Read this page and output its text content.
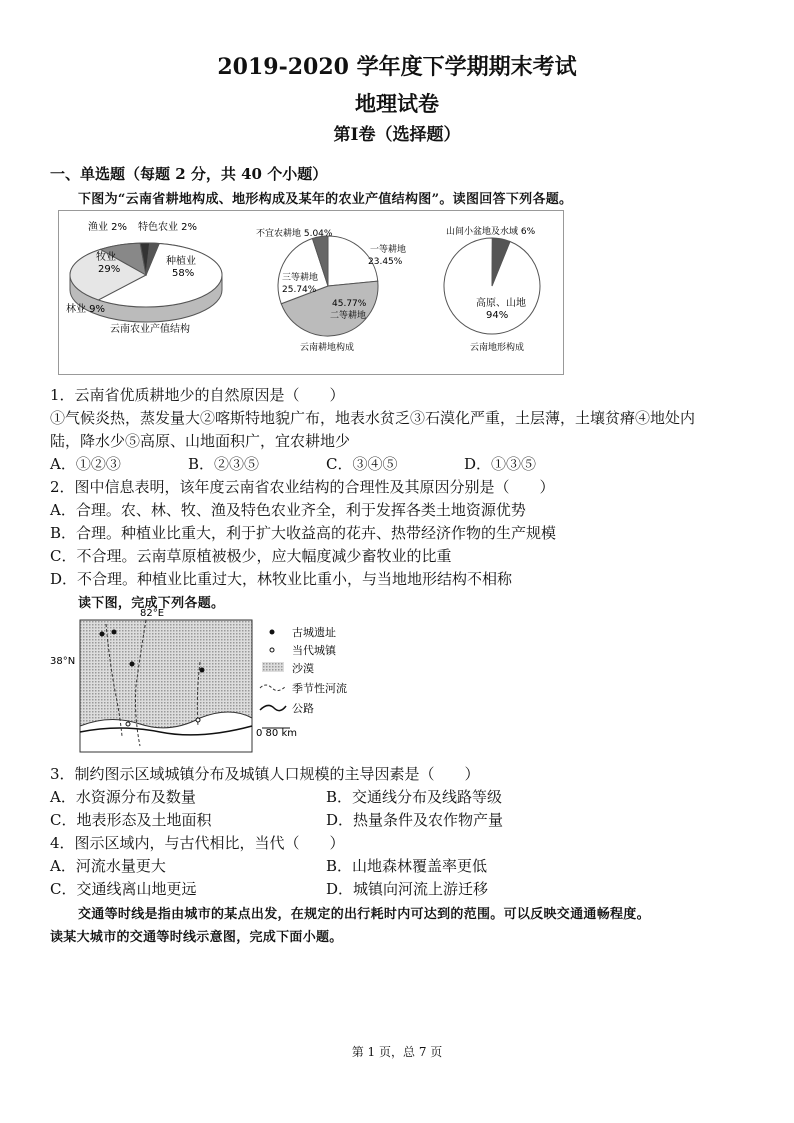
2019-2020 学年度下学期期末考试
地理试卷
第Ⅰ卷（选择题）
一、单选题（每题 2 分，共 40 个小题）
下图为“云南省耕地构成、地形构成及某年的农业产值结构图”。读图回答下列各题。
渔业 2% 特色农业 2%
牧业
29%
种植业
58%
林业 9%
云南农业产值结构
不宜农耕地 5.04%
一等耕地
23.45%
三等耕地
25.74%
45.77%
二等耕地
云南耕地构成
山间小盆地及水域 6%
高原、山地
94%
云南地形构成
1．云南省优质耕地少的自然原因是（　　）
①气候炎热，蒸发量大②喀斯特地貌广布，地表水贫乏③石漠化严重，土层薄，土壤贫瘠④地处内
陆，降水少⑤高原、山地面积广，宜农耕地少
A．①②③	B．②③⑤	C．③④⑤	D．①③⑤
2．图中信息表明，该年度云南省农业结构的合理性及其原因分别是（　　）
A．合理。农、林、牧、渔及特色农业齐全，利于发挥各类土地资源优势
B．合理。种植业比重大，利于扩大收益高的花卉、热带经济作物的生产规模
C．不合理。云南草原植被极少，应大幅度减少畜牧业的比重
D．不合理。种植业比重过大，林牧业比重小，与当地地形结构不相称
读下图，完成下列各题。
82°E
38°N
古城遗址
当代城镇
沙漠
季节性河流
公路
0 80 km
3．制约图示区域城镇分布及城镇人口规模的主导因素是（　　）
A．水资源分布及数量	B．交通线分布及线路等级
C．地表形态及土地面积	D．热量条件及农作物产量
4．图示区域内，与古代相比，当代（　　）
A．河流水量更大	B．山地森林覆盖率更低
C．交通线离山地更远	D．城镇向河流上游迁移
交通等时线是指由城市的某点出发，在规定的出行耗时内可达到的范围。可以反映交通通畅程度。
读某大城市的交通等时线示意图，完成下面小题。
第 1 页，总 7 页
